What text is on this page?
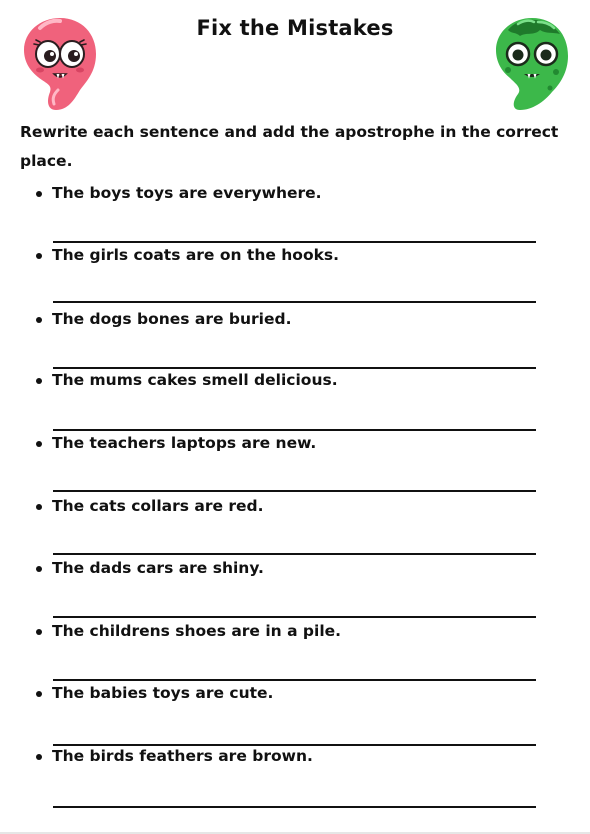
Fix the Mistakes
Rewrite each sentence and add the apostrophe in the correct place.
The boys toys are everywhere.
The girls coats are on the hooks.
The dogs bones are buried.
The mums cakes smell delicious.
The teachers laptops are new.
The cats collars are red.
The dads cars are shiny.
The childrens shoes are in a pile.
The babies toys are cute.
The birds feathers are brown.
